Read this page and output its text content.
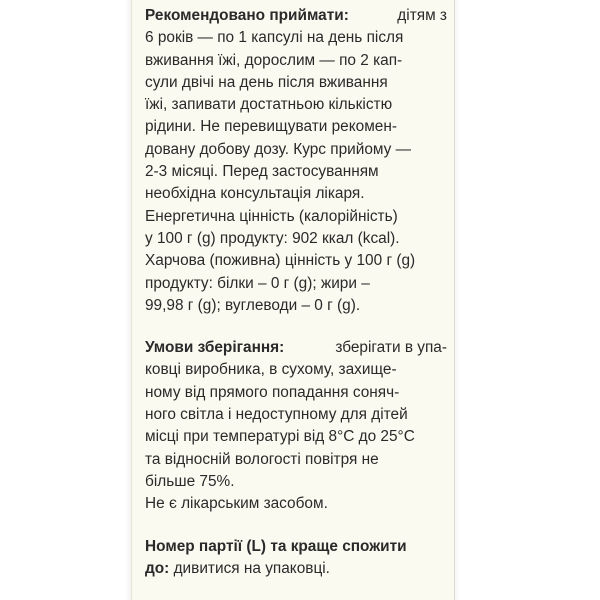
Рекомендовано приймати:	дітям з
6 років — по 1 капсулі на день після
вживання їжі, дорослим — по 2 кап-
сули двічі на день після вживання
їжі, запивати достатньою кількістю
рідини. Не перевищувати рекомен-
довану добову дозу. Курс прийому —
2-3 місяці. Перед застосуванням
необхідна консультація лікаря.
Енергетична цінність (калорійність)
у 100 г (g) продукту: 902 ккал (kcal).
Харчова (поживна) цінність у 100 г (g)
продукту: білки – 0 г (g); жири –
99,98 г (g); вуглеводи – 0 г (g).
Умови зберігання:	зберігати в упа-
ковці виробника, в сухому, захище-
ному від прямого попадання соняч-
ного світла і недоступному для дітей
місці при температурі від 8°С до 25°С
та відносній вологості повітря не
більше 75%.
Не є лікарським засобом.
Номер партії (L) та краще спожити
до: дивитися на упаковці.
